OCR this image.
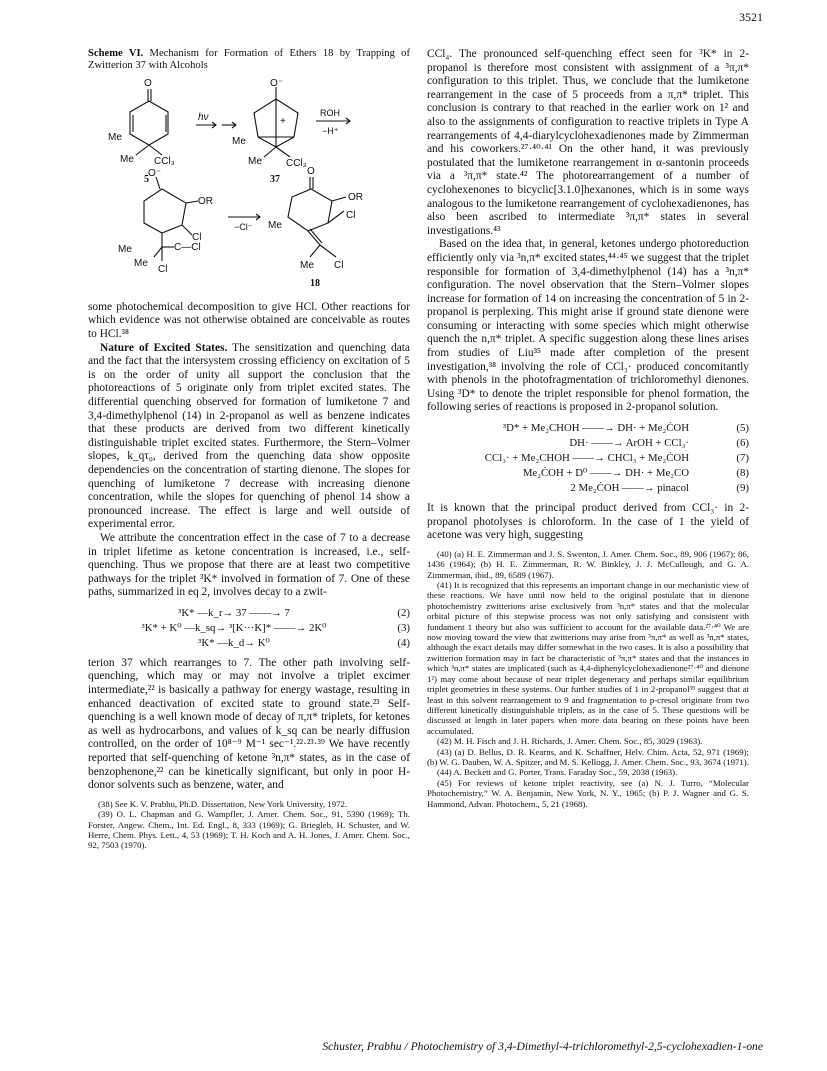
3521
Scheme VI. Mechanism for Formation of Ethers 18 by Trapping of Zwitterion 37 with Alcohols
O
Me
Me CCl₃
hν
O⁻
+
Me
Me CCl₃
ROH
−H⁺
O⁻
OR
Cl
C—Cl
Me
Me
Cl
−Cl⁻
O
OR
Cl
Me
Me Cl
5	37
18

some photochemical decomposition to give HCl. Other reactions for which evidence was not otherwise obtained are conceivable as routes to HCl.³⁸

Nature of Excited States. The sensitization and quenching data and the fact that the intersystem crossing efficiency on excitation of 5 is on the order of unity all support the conclusion that the photoreactions of 5 originate only from triplet excited states. The differential quenching observed for formation of lumiketone 7 and 3,4-dimethylphenol (14) in 2-propanol as well as benzene indicates that these products are derived from two different kinetically distinguishable triplet excited states. Furthermore, the Stern–Volmer slopes, k_qτ₀, derived from the quenching data show opposite dependencies on the concentration of starting dienone. The slopes for quenching of lumiketone 7 decrease with increasing dienone concentration, while the slopes for quenching of phenol 14 show a pronounced increase. The effect is large and well outside of experimental error.

We attribute the concentration effect in the case of 7 to a decrease in triplet lifetime as ketone concentration is increased, i.e., self-quenching. Thus we propose that there are at least two competitive pathways for the triplet ³K* involved in formation of 7. One of these paths, summarized in eq 2, involves decay to a zwit-

³K* —k_r→ 37 ——→ 7	(2)
³K* + K⁰ —k_sq→ ³[K···K]* ——→ 2K⁰	(3)
³K* —k_d→ K⁰	(4)

terion 37 which rearranges to 7. The other path involving self-quenching, which may or may not involve a triplet excimer intermediate,²² is basically a pathway for energy wastage, resulting in enhanced deactivation of excited state to ground state.²³ Self-quenching is a well known mode of decay of π,π* triplets, for ketones as well as hydrocarbons, and values of k_sq can be nearly diffusion controlled, on the order of 10⁸⁻⁹ M⁻¹ sec⁻¹.²²·²³·³⁹ We have recently reported that self-quenching of ketone ³n,π* states, as in the case of benzophenone,²² can be kinetically significant, but only in poor H-donor solvents such as benzene, water, and

(38) See K. V. Prabhu, Ph.D. Dissertation, New York University, 1972.

(39) O. L. Chapman and G. Wampfler, J. Amer. Chem. Soc., 91, 5390 (1969); Th. Forster, Angew. Chem., Int. Ed. Engl., 8, 333 (1969); G. Briegleb, H. Schuster, and W. Herre, Chem. Phys. Lett., 4, 53 (1969); T. H. Koch and A. H. Jones, J. Amer. Chem. Soc., 92, 7503 (1970).

CCl₄. The pronounced self-quenching effect seen for ³K* in 2-propanol is therefore most consistent with assignment of a ³π,π* configuration to this triplet. Thus, we conclude that the lumiketone rearrangement in the case of 5 proceeds from a π,π* triplet. This conclusion is contrary to that reached in the earlier work on 1² and also to the assignments of configuration to reactive triplets in Type A rearrangements of 4,4-diarylcyclohexadienones made by Zimmerman and his coworkers.²⁷·⁴⁰·⁴¹ On the other hand, it was previously postulated that the lumiketone rearrangement in α-santonin proceeds via a ³π,π* state.⁴² The photorearrangement of a number of cyclohexenones to bicyclic[3.1.0]hexanones, which is in some ways analogous to the lumiketone rearrangement of cyclohexadienones, has also been ascribed to intermediate ³π,π* states in several investigations.⁴³

Based on the idea that, in general, ketones undergo photoreduction efficiently only via ³n,π* excited states,⁴⁴·⁴⁵ we suggest that the triplet responsible for formation of 3,4-dimethylphenol (14) has a ³n,π* configuration. The novel observation that the Stern–Volmer slopes increase for formation of 14 on increasing the concentration of 5 in 2-propanol is perplexing. This might arise if ground state dienone were consuming or interacting with some species which might otherwise quench the n,π* triplet. A specific suggestion along these lines arises from studies of Liu³⁵ made after completion of the present investigation,³⁸ involving the role of CCl₃· produced concomitantly with phenols in the photofragmentation of trichloromethyl dienones. Using ³D* to denote the triplet responsible for phenol formation, the following series of reactions is proposed in 2-propanol solution.

³D* + Me₂CHOH ——→ DH· + Me₂ĊOH	(5)
DH· ——→ ArOH + CCl₃·	(6)
CCl₃· + Me₂CHOH ——→ CHCl₃ + Me₂ĊOH	(7)
Me₂ĊOH + D⁰ ——→ DH· + Me₂CO	(8)
2 Me₂ĊOH ——→ pinacol	(9)

It is known that the principal product derived from CCl₃· in 2-propanol photolyses is chloroform. In the case of 1 the yield of acetone was very high, suggesting

(40) (a) H. E. Zimmerman and J. S. Swenton, J. Amer. Chem. Soc., 89, 906 (1967); 86, 1436 (1964); (b) H. E. Zimmerman, R. W. Binkley, J. J. McCullough, and G. A. Zimmerman, ibid., 89, 6589 (1967).

(41) It is recognized that this represents an important change in our mechanistic view of these reactions. We have until now held to the original postulate that in dienone photochemistry zwitterions arise exclusively from ³n,π* states and that the molecular orbital picture of this stepwise process was not only satisfying and consistent with fundament 1 theory but also was sufficient to account for the available data.²⁷·⁴⁰ We are now moving toward the view that zwitterions may arise from ³π,π* as well as ³n,π* states, although the exact details may differ somewhat in the two cases. It is also a possibility that zwitterion formation may in fact be characteristic of ³π,π* states and that the instances in which ³n,π* states are implicated (such as 4,4-diphenylcyclohexadienone²⁷·⁴⁰ and dienone 1²) may come about because of near triplet degeneracy and perhaps similar equilibrium triplet geometries in these systems. Our further studies of 1 in 2-propanol³⁵ suggest that at least in this solvent rearrangement to 9 and fragmentation to p-cresol originate from two different kinetically distinguishable triplets, as in the case of 5. These questions will be discussed at length in later papers when more data bearing on these points have been accumulated.

(42) M. H. Fisch and J. H. Richards, J. Amer. Chem. Soc., 85, 3029 (1963).

(43) (a) D. Bellus, D. R. Kearns, and K. Schaffner, Helv. Chim. Acta, 52, 971 (1969); (b) W. G. Dauben, W. A. Spitzer, and M. S. Kellogg, J. Amer. Chem. Soc., 93, 3674 (1971).

(44) A. Beckett and G. Porter, Trans. Faraday Soc., 59, 2038 (1963).

(45) For reviews of ketone triplet reactivity, see (a) N. J. Turro, “Molecular Photochemistry,” W. A. Benjamin, New York, N. Y., 1965; (b) P. J. Wagner and G. S. Hammond, Advan. Photochem., 5, 21 (1968).

Schuster, Prabhu / Photochemistry of 3,4-Dimethyl-4-trichloromethyl-2,5-cyclohexadien-1-one
